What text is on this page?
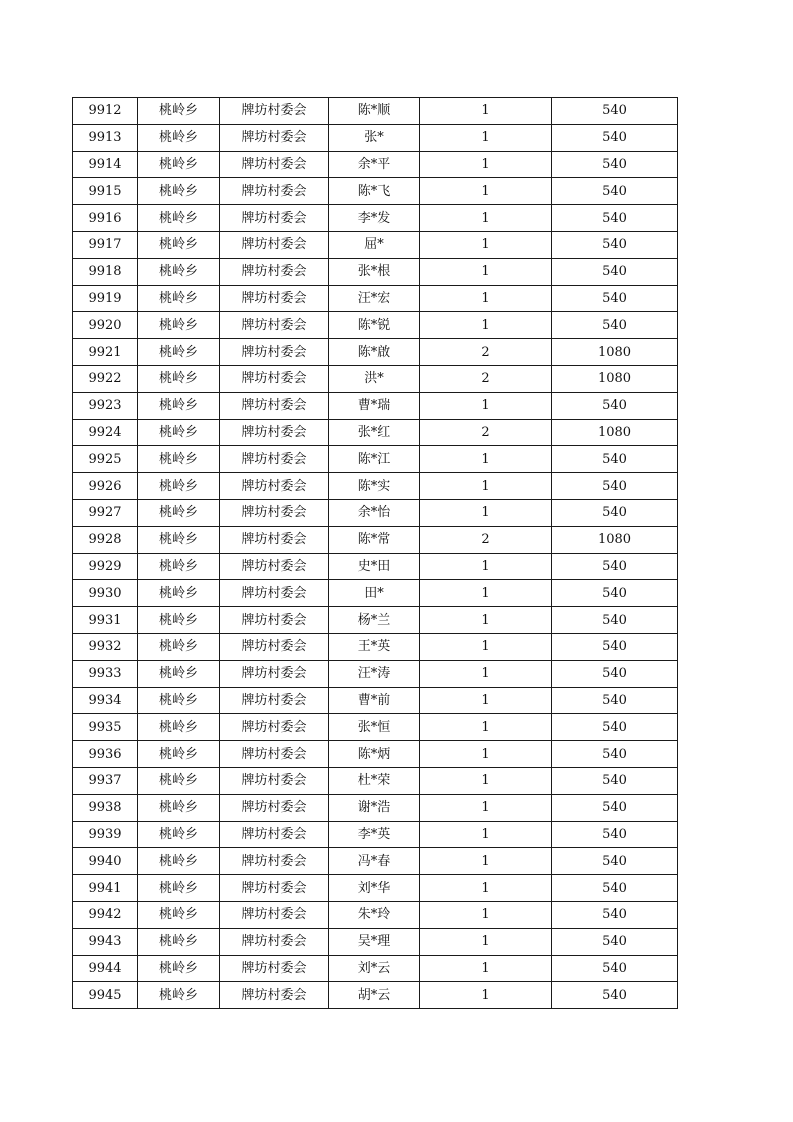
9912	桃岭乡	牌坊村委会	陈*顺	1	540
9913	桃岭乡	牌坊村委会	张*	1	540
9914	桃岭乡	牌坊村委会	余*平	1	540
9915	桃岭乡	牌坊村委会	陈*飞	1	540
9916	桃岭乡	牌坊村委会	李*发	1	540
9917	桃岭乡	牌坊村委会	屈*	1	540
9918	桃岭乡	牌坊村委会	张*根	1	540
9919	桃岭乡	牌坊村委会	汪*宏	1	540
9920	桃岭乡	牌坊村委会	陈*锐	1	540
9921	桃岭乡	牌坊村委会	陈*啟	2	1080
9922	桃岭乡	牌坊村委会	洪*	2	1080
9923	桃岭乡	牌坊村委会	曹*瑞	1	540
9924	桃岭乡	牌坊村委会	张*红	2	1080
9925	桃岭乡	牌坊村委会	陈*江	1	540
9926	桃岭乡	牌坊村委会	陈*实	1	540
9927	桃岭乡	牌坊村委会	余*怡	1	540
9928	桃岭乡	牌坊村委会	陈*常	2	1080
9929	桃岭乡	牌坊村委会	史*田	1	540
9930	桃岭乡	牌坊村委会	田*	1	540
9931	桃岭乡	牌坊村委会	杨*兰	1	540
9932	桃岭乡	牌坊村委会	王*英	1	540
9933	桃岭乡	牌坊村委会	汪*涛	1	540
9934	桃岭乡	牌坊村委会	曹*前	1	540
9935	桃岭乡	牌坊村委会	张*恒	1	540
9936	桃岭乡	牌坊村委会	陈*炳	1	540
9937	桃岭乡	牌坊村委会	杜*荣	1	540
9938	桃岭乡	牌坊村委会	谢*浩	1	540
9939	桃岭乡	牌坊村委会	李*英	1	540
9940	桃岭乡	牌坊村委会	冯*春	1	540
9941	桃岭乡	牌坊村委会	刘*华	1	540
9942	桃岭乡	牌坊村委会	朱*玲	1	540
9943	桃岭乡	牌坊村委会	吴*理	1	540
9944	桃岭乡	牌坊村委会	刘*云	1	540
9945	桃岭乡	牌坊村委会	胡*云	1	540
